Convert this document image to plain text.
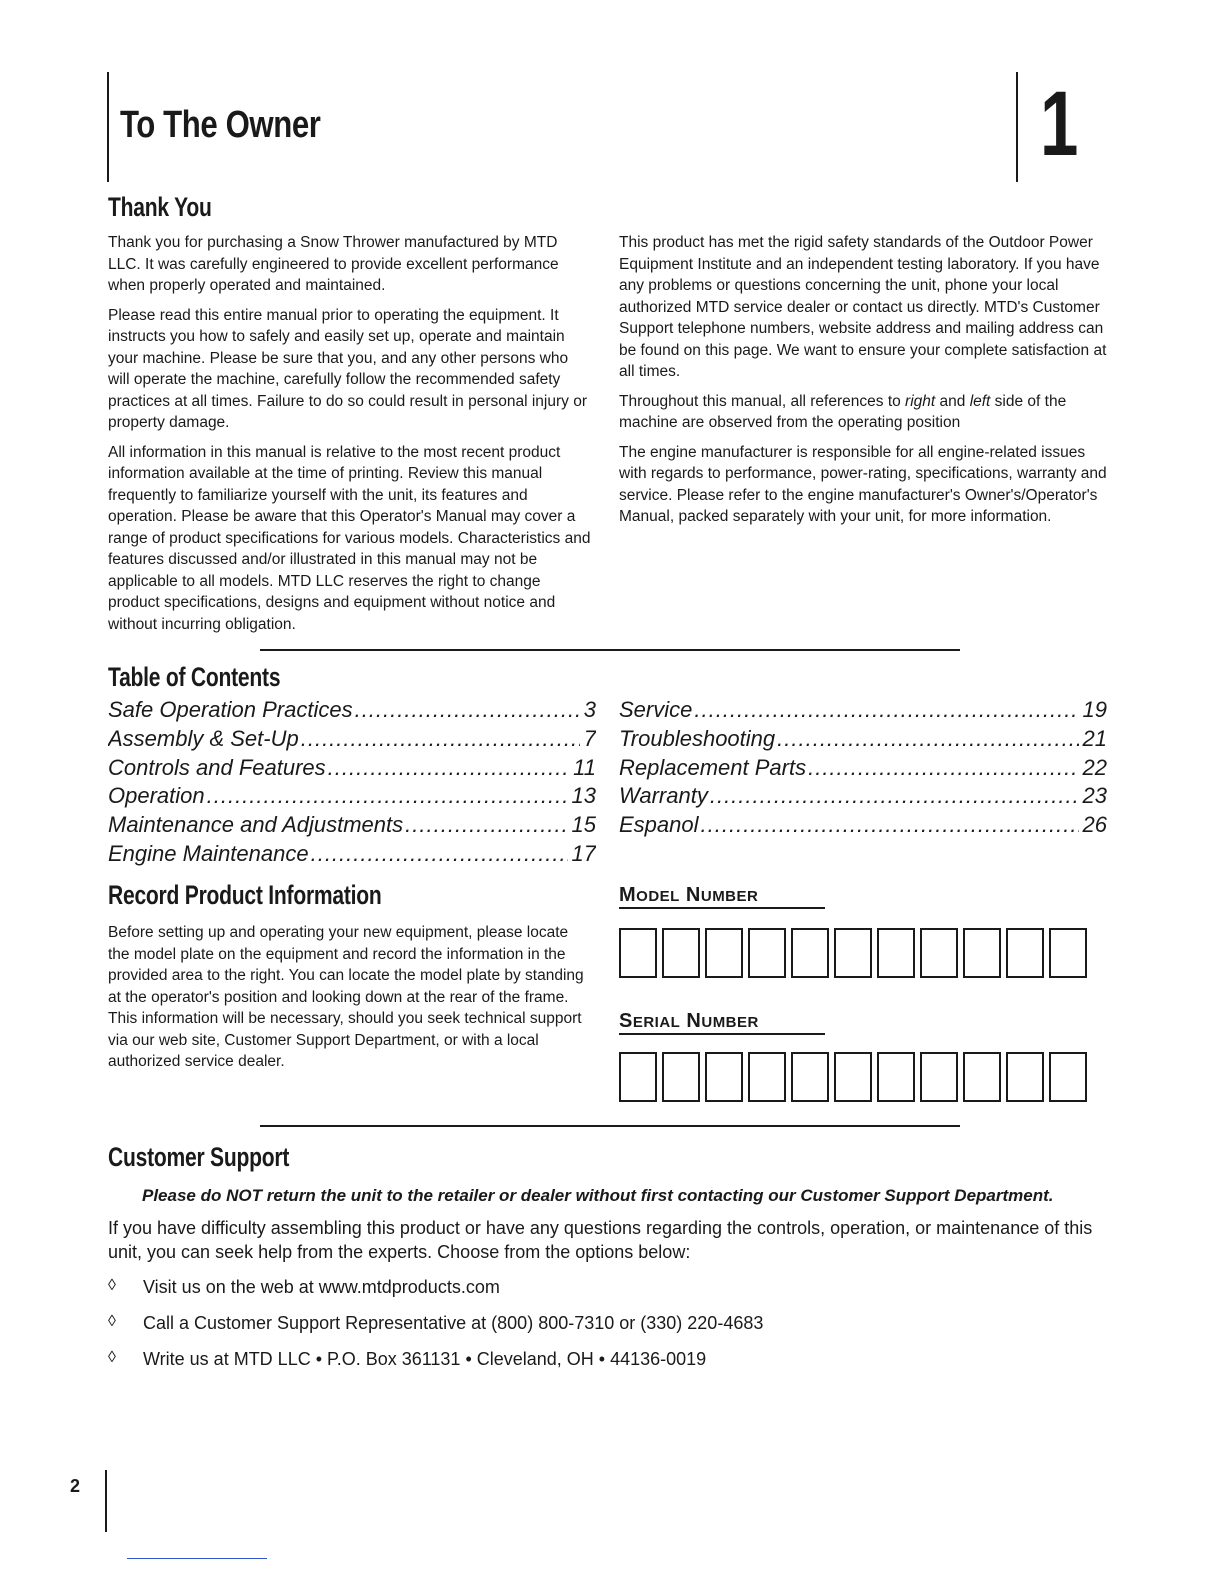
To The Owner	1
Thank You

Thank you for purchasing a Snow Thrower manufactured by MTD LLC. It was carefully engineered to provide excellent performance when properly operated and maintained.

Please read this entire manual prior to operating the equipment. It instructs you how to safely and easily set up, operate and maintain your machine. Please be sure that you, and any other persons who will operate the machine, carefully follow the recommended safety practices at all times. Failure to do so could result in personal injury or property damage.

All information in this manual is relative to the most recent product information available at the time of printing. Review this manual frequently to familiarize yourself with the unit, its features and operation. Please be aware that this Operator's Manual may cover a range of product specifications for various models. Characteristics and features discussed and/or illustrated in this manual may not be applicable to all models. MTD LLC reserves the right to change product specifications, designs and equipment without notice and without incurring obligation.

This product has met the rigid safety standards of the Outdoor Power Equipment Institute and an independent testing laboratory. If you have any problems or questions concerning the unit, phone your local authorized MTD service dealer or contact us directly. MTD's Customer Support telephone numbers, website address and mailing address can be found on this page. We want to ensure your complete satisfaction at all times.

Throughout this manual, all references to right and left side of the machine are observed from the operating position

The engine manufacturer is responsible for all engine-related issues with regards to performance, power-rating, specifications, warranty and service. Please refer to the engine manufacturer's Owner's/Operator's Manual, packed separately with your unit, for more information.

Table of Contents
Safe Operation Practices .....	3
Assembly & Set-Up .....	7
Controls and Features .....	11
Operation .....	13
Maintenance and Adjustments .....	15
Engine Maintenance .....	17
Service .....	19
Troubleshooting .....	21
Replacement Parts .....	22
Warranty .....	23
Espanol .....	26
Record Product Information

Before setting up and operating your new equipment, please locate the model plate on the equipment and record the information in the provided area to the right. You can locate the model plate by standing at the operator's position and looking down at the rear of the frame. This information will be necessary, should you seek technical support via our web site, Customer Support Department, or with a local authorized service dealer.

MODEL NUMBER
SERIAL NUMBER
Customer Support
Please do NOT return the unit to the retailer or dealer without first contacting our Customer Support Department.
If you have difficulty assembling this product or have any questions regarding the controls, operation, or maintenance of this unit, you can seek help from the experts. Choose from the options below:
◊	Visit us on the web at www.mtdproducts.com
◊	Call a Customer Support Representative at (800) 800-7310 or (330) 220-4683
◊	Write us at MTD LLC • P.O. Box 361131 • Cleveland, OH • 44136-0019
2
